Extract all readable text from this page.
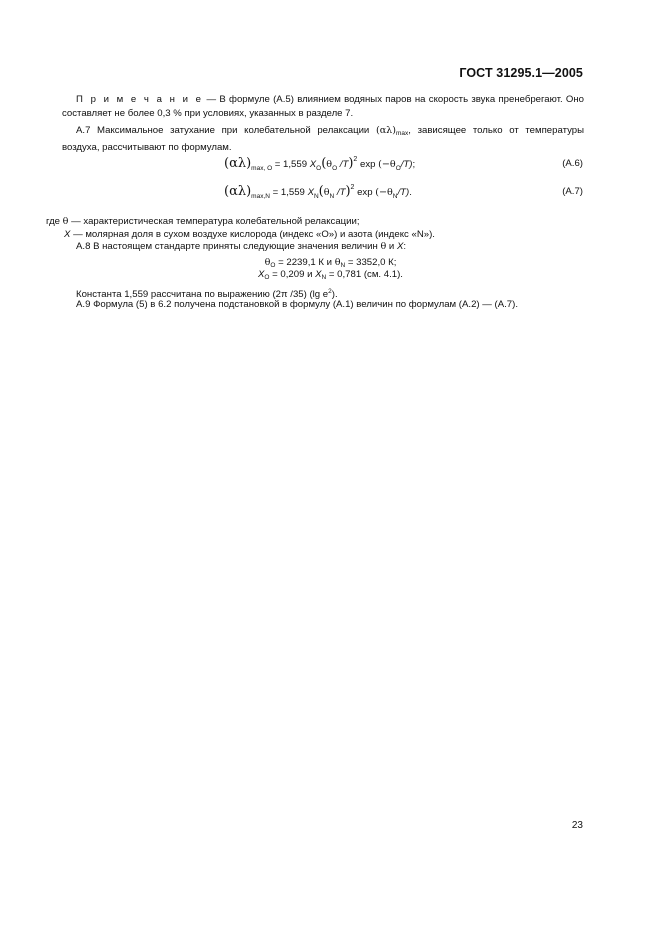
ГОСТ 31295.1—2005
П р и м е ч а н и е — В формуле (А.5) влиянием водяных паров на скорость звука пренебрегают. Оно составляет не более 0,3 % при условиях, указанных в разделе 7.
А.7 Максимальное затухание при колебательной релаксации $(\alpha\lambda)_{max}$, зависящее только от температуры воздуха, рассчитывают по формулам.
$(\alpha\lambda)_{max, O} = 1,559$ $X_O(\theta_O$ /T)$^2$ $\exp (-\theta_O/T)$;	(А.6)
$(\alpha\lambda)_{max,N} = 1,559$ $X_N(\theta_N$ /T)$^2$ $\exp (-\theta_N/T)$.	(А.7)
где θ — характеристическая температура колебательной релаксации;
X — молярная доля в сухом воздухе кислорода (индекс «О») и азота (индекс «N»).
А.8 В настоящем стандарте приняты следующие значения величин θ и X:
$\theta_O = 2239,1$ К и $\theta_N = 3352,0$ К;
$X_O = 0,209$ и $X_N = 0,781$ (см. 4.1).
Константа 1,559 рассчитана по выражению (2π /35) (lg $e^2$).
А.9 Формула (5) в 6.2 получена подстановкой в формулу (А.1) величин по формулам (А.2) — (А.7).
23
